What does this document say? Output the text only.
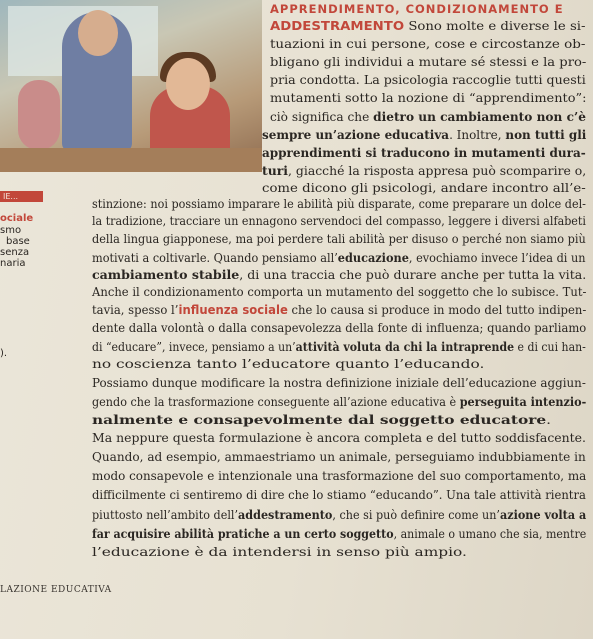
APPRENDIMENTO, CONDIZIONAMENTO E
IE...
ociale
smo
base
senza
naria
).
ADDESTRAMENTO Sono molte e diverse le si-
tuazioni in cui persone, cose e circostanze ob-
bligano gli individui a mutare sé stessi e la pro-
pria condotta. La psicologia raccoglie tutti questi
mutamenti sotto la nozione di “apprendimento”:
ciò significa che dietro un cambiamento non c’è
sempre un’azione educativa. Inoltre, non tutti gli
apprendimenti si traducono in mutamenti dura-
turi, giacché la risposta appresa può scomparire o,
come dicono gli psicologi, andare incontro all’e-
stinzione: noi possiamo imparare le abilità più disparate, come preparare un dolce del-
la tradizione, tracciare un ennagono servendoci del compasso, leggere i diversi alfabeti
della lingua giapponese, ma poi perdere tali abilità per disuso o perché non siamo più
motivati a coltivarle. Quando pensiamo all’educazione, evochiamo invece l’idea di un
cambiamento stabile, di una traccia che può durare anche per tutta la vita.
Anche il condizionamento comporta un mutamento del soggetto che lo subisce. Tut-
tavia, spesso l’influenza sociale che lo causa si produce in modo del tutto indipen-
dente dalla volontà o dalla consapevolezza della fonte di influenza; quando parliamo
di “educare”, invece, pensiamo a un’attività voluta da chi la intraprende e di cui han-
no coscienza tanto l’educatore quanto l’educando.
Possiamo dunque modificare la nostra definizione iniziale dell’educazione aggiun-
gendo che la trasformazione conseguente all’azione educativa è perseguita intenzio-
nalmente e consapevolmente dal soggetto educatore.
Ma neppure questa formulazione è ancora completa e del tutto soddisfacente.
Quando, ad esempio, ammaestriamo un animale, perseguiamo indubbiamente in
modo consapevole e intenzionale una trasformazione del suo comportamento, ma
difficilmente ci sentiremo di dire che lo stiamo “educando”. Una tale attività rientra
piuttosto nell’ambito dell’addestramento, che si può definire come un’azione volta a
far acquisire abilità pratiche a un certo soggetto, animale o umano che sia, mentre
l’educazione è da intendersi in senso più ampio.
LAZIONE EDUCATIVA
